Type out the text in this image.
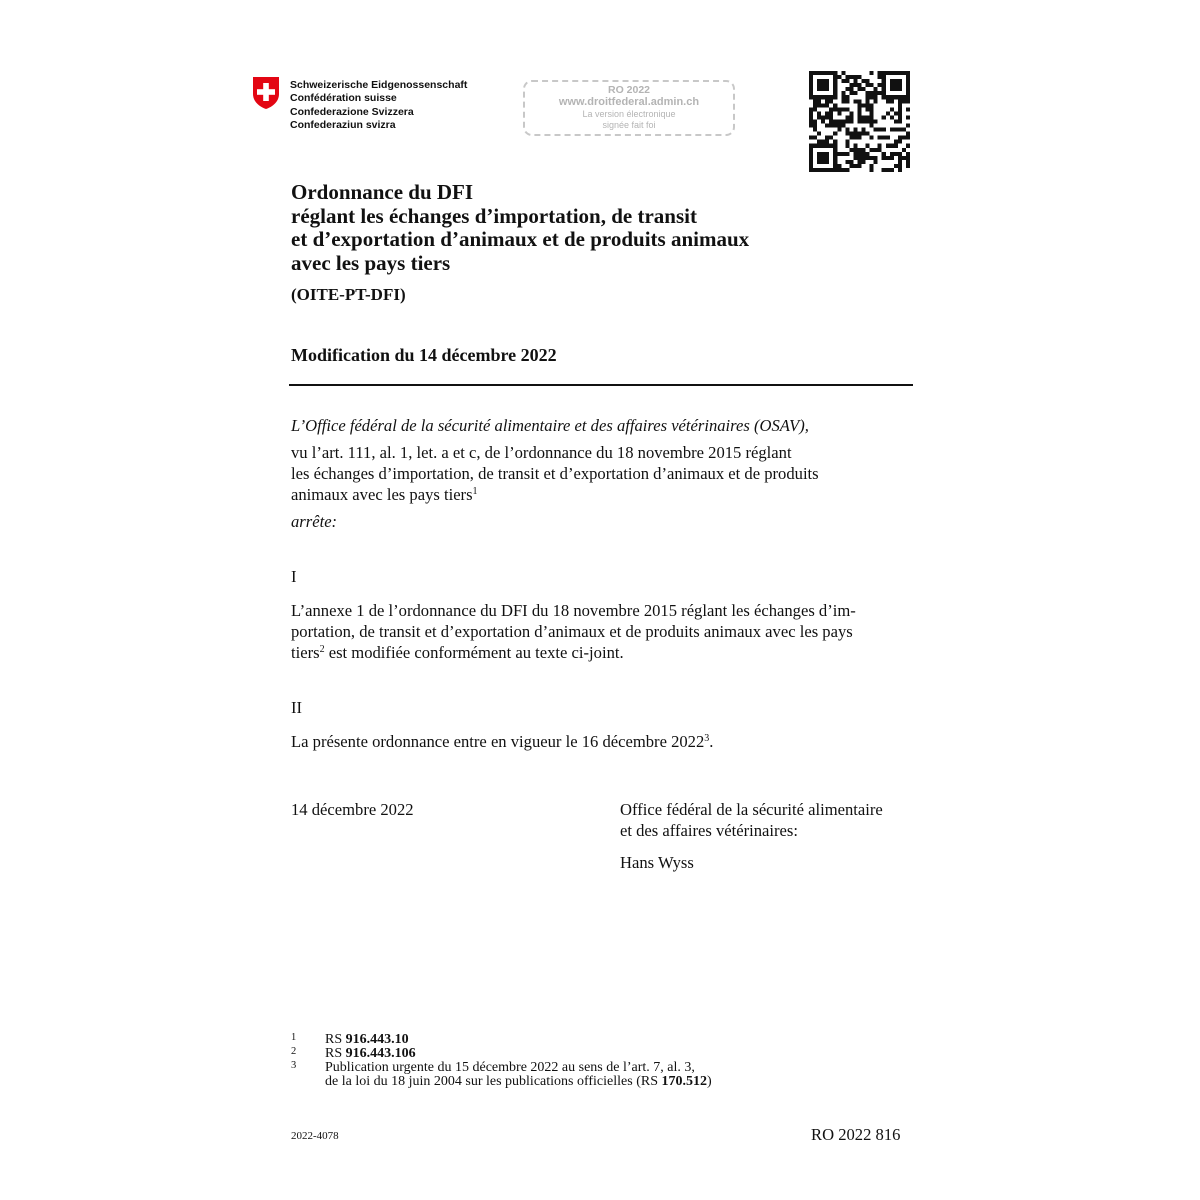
Schweizerische Eidgenossenschaft
Confédération suisse
Confederazione Svizzera
Confederaziun svizra
RO 2022
www.droitfederal.admin.ch
La version électronique
signée fait foi
Ordonnance du DFI
réglant les échanges d’importation, de transit
et d’exportation d’animaux et de produits animaux
avec les pays tiers
(OITE-PT-DFI)
Modification du 14 décembre 2022
L’Office fédéral de la sécurité alimentaire et des affaires vétérinaires (OSAV),
vu l’art. 111, al. 1, let. a et c, de l’ordonnance du 18 novembre 2015 réglant
les échanges d’importation, de transit et d’exportation d’animaux et de produits
animaux avec les pays tiers$^1$
arrête:
I
L’annexe 1 de l’ordonnance du DFI du 18 novembre 2015 réglant les échanges d’im-
portation, de transit et d’exportation d’animaux et de produits animaux avec les pays
tiers$^2$ est modifiée conformément au texte ci-joint.
II
La présente ordonnance entre en vigueur le 16 décembre 2022$^3$.
14 décembre 2022	Office fédéral de la sécurité alimentaire
et des affaires vétérinaires:
Hans Wyss
1 RS 916.443.10
2 RS 916.443.106
3 Publication urgente du 15 décembre 2022 au sens de l’art. 7, al. 3,
de la loi du 18 juin 2004 sur les publications officielles (RS 170.512)
2022-4078	RO 2022 816
